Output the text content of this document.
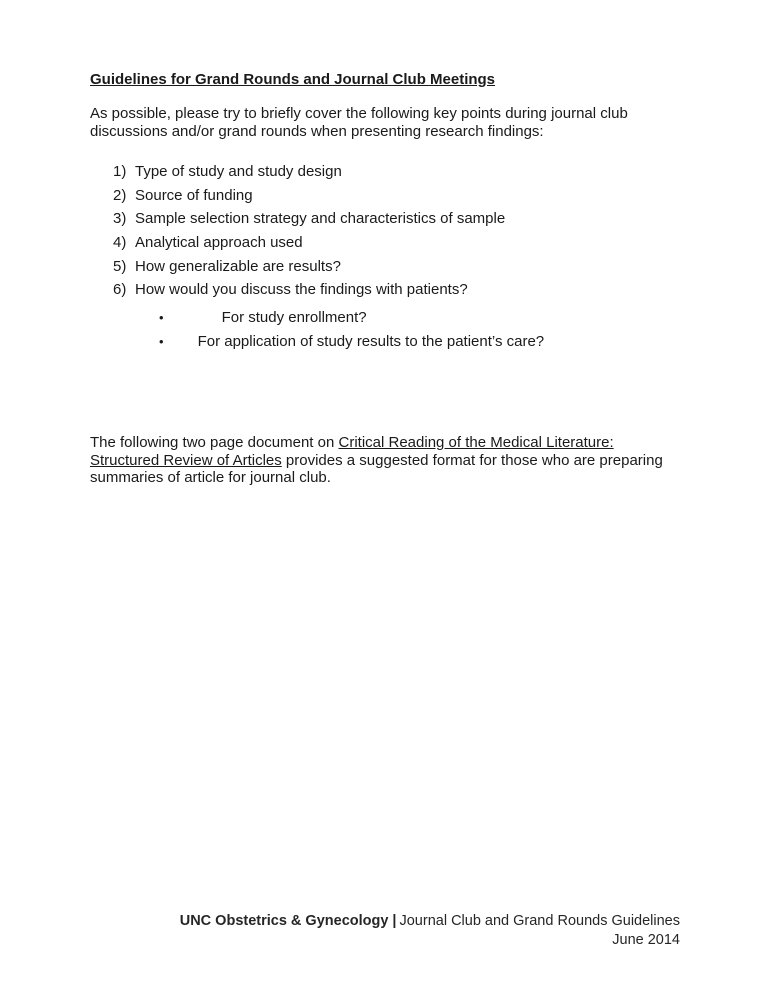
Guidelines for Grand Rounds and Journal Club Meetings

As possible, please try to briefly cover the following key points during journal club discussions and/or grand rounds when presenting research findings:

1) Type of study and study design
2) Source of funding
3) Sample selection strategy and characteristics of sample
4) Analytical approach used
5) How generalizable are results?
6) How would you discuss the findings with patients?
•	For study enrollment?
• For application of study results to the patient’s care?

The following two page document on Critical Reading of the Medical Literature: Structured Review of Articles provides a suggested format for those who are preparing summaries of article for journal club.

UNC Obstetrics & Gynecology | Journal Club and Grand Rounds Guidelines
June 2014
